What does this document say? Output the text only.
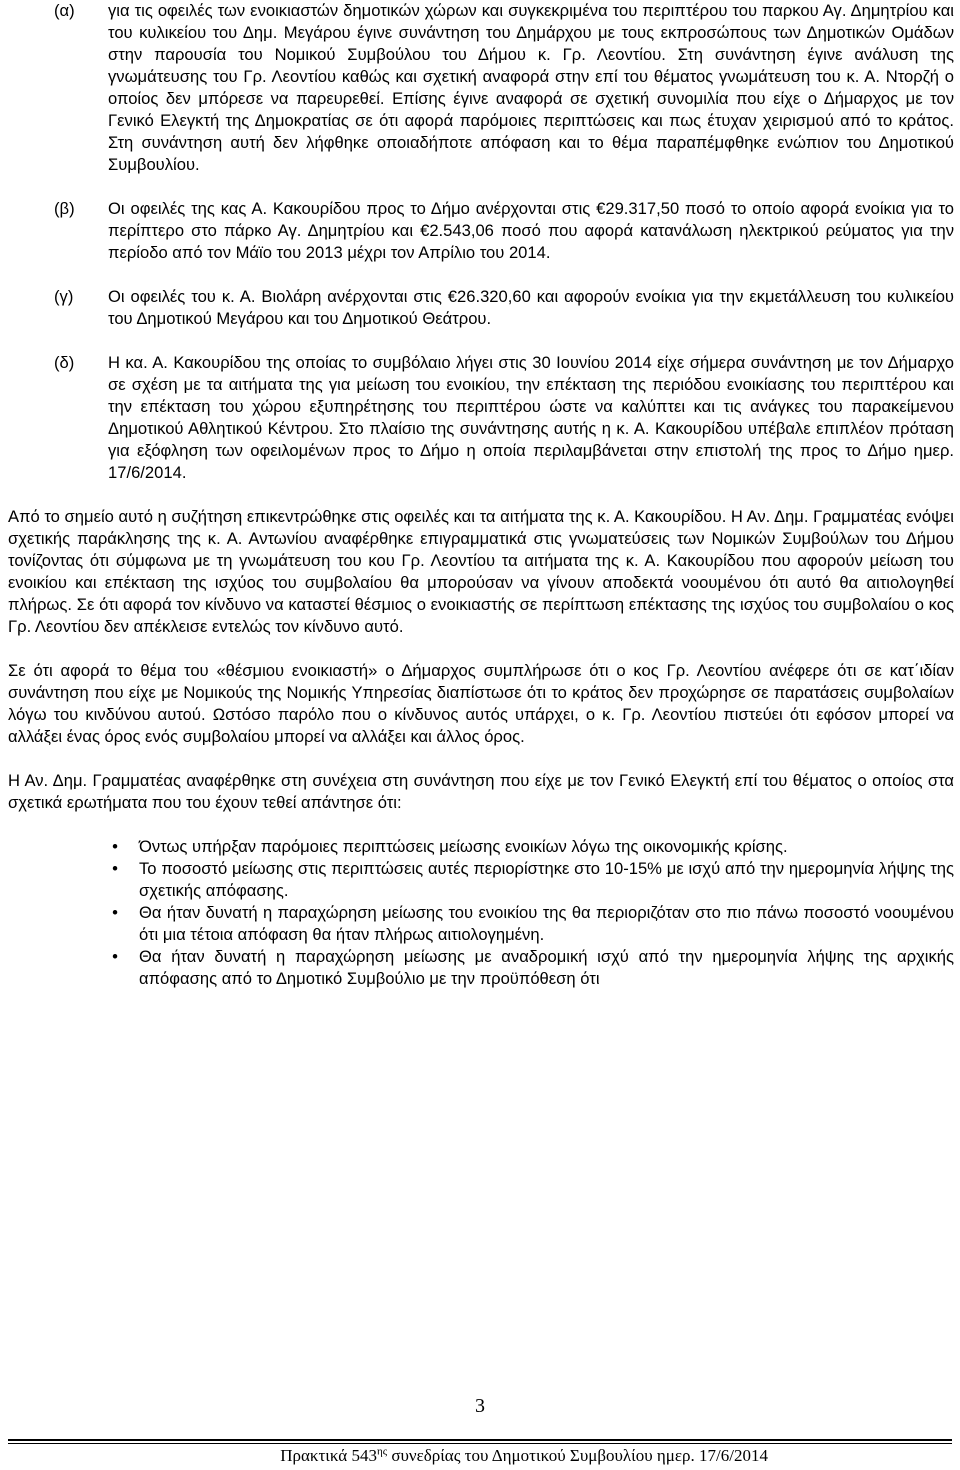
(α)	για τις οφειλές των ενοικιαστών δημοτικών χώρων και συγκεκριμένα του περιπτέρου του παρκου Αγ. Δημητρίου και του κυλικείου του Δημ. Μεγάρου έγινε συνάντηση του Δημάρχου με τους εκπροσώπους των Δημοτικών Ομάδων στην παρουσία του Νομικού Συμβούλου του Δήμου κ. Γρ. Λεοντίου. Στη συνάντηση έγινε ανάλυση της γνωμάτευσης του Γρ. Λεοντίου καθώς και σχετική αναφορά στην επί του θέματος γνωμάτευση του κ. Α. Ντορζή ο οποίος δεν μπόρεσε να παρευρεθεί. Επίσης έγινε αναφορά σε σχετική συνομιλία που είχε ο Δήμαρχος με τον Γενικό Ελεγκτή της Δημοκρατίας σε ότι αφορά παρόμοιες περιπτώσεις και πως έτυχαν χειρισμού από το κράτος. Στη συνάντηση αυτή δεν λήφθηκε οποιαδήποτε απόφαση και το θέμα παραπέμφθηκε ενώπιον του Δημοτικού Συμβουλίου.
(β)	Οι οφειλές της κας Α. Κακουρίδου προς το Δήμο ανέρχονται στις €29.317,50 ποσό το οποίο αφορά ενοίκια για το περίπτερο στο πάρκο Αγ. Δημητρίου και €2.543,06 ποσό που αφορά κατανάλωση ηλεκτρικού ρεύματος για την περίοδο από τον Μάϊο του 2013 μέχρι τον Απρίλιο του 2014.
(γ)	Οι οφειλές του κ. Α. Βιολάρη ανέρχονται στις €26.320,60 και αφορούν ενοίκια για την εκμετάλλευση του κυλικείου του Δημοτικού Μεγάρου και του Δημοτικού Θεάτρου.
(δ)	Η κα. Α. Κακουρίδου της οποίας το συμβόλαιο λήγει στις 30 Ιουνίου 2014 είχε σήμερα συνάντηση με τον Δήμαρχο σε σχέση με τα αιτήματα της για μείωση του ενοικίου, την επέκταση της περιόδου ενοικίασης του περιπτέρου και την επέκταση του χώρου εξυπηρέτησης του περιπτέρου ώστε να καλύπτει και τις ανάγκες του παρακείμενου Δημοτικού Αθλητικού Κέντρου. Στο πλαίσιο της συνάντησης αυτής η κ. Α. Κακουρίδου υπέβαλε επιπλέον πρόταση για εξόφληση των οφειλομένων προς το Δήμο η οποία περιλαμβάνεται στην επιστολή της προς το Δήμο ημερ. 17/6/2014.

Από το σημείο αυτό η συζήτηση επικεντρώθηκε στις οφειλές και τα αιτήματα της κ. Α. Κακουρίδου. Η Αν. Δημ. Γραμματέας ενόψει σχετικής παράκλησης της κ. Α. Αντωνίου αναφέρθηκε επιγραμματικά στις γνωματεύσεις των Νομικών Συμβούλων του Δήμου τονίζοντας ότι σύμφωνα με τη γνωμάτευση του κου Γρ. Λεοντίου τα αιτήματα της κ. Α. Κακουρίδου που αφορούν μείωση του ενοικίου και επέκταση της ισχύος του συμβολαίου θα μπορούσαν να γίνουν αποδεκτά νοουμένου ότι αυτό θα αιτιολογηθεί πλήρως. Σε ότι αφορά τον κίνδυνο να καταστεί θέσμιος ο ενοικιαστής σε περίπτωση επέκτασης της ισχύος του συμβολαίου ο κος Γρ. Λεοντίου δεν απέκλεισε εντελώς τον κίνδυνο αυτό.

Σε ότι αφορά το θέμα του «θέσμιου ενοικιαστή» ο Δήμαρχος συμπλήρωσε ότι ο κος Γρ. Λεοντίου ανέφερε ότι σε κατ΄ιδίαν συνάντηση που είχε με Νομικούς της Νομικής Υπηρεσίας διαπίστωσε ότι το κράτος δεν προχώρησε σε παρατάσεις συμβολαίων λόγω του κινδύνου αυτού. Ωστόσο παρόλο που ο κίνδυνος αυτός υπάρχει, ο κ. Γρ. Λεοντίου πιστεύει ότι εφόσον μπορεί να αλλάξει ένας όρος ενός συμβολαίου μπορεί να αλλάξει και άλλος όρος.

Η Αν. Δημ. Γραμματέας αναφέρθηκε στη συνέχεια στη συνάντηση που είχε με τον Γενικό Ελεγκτή επί του θέματος ο οποίος στα σχετικά ερωτήματα που του έχουν τεθεί απάντησε ότι:

• Όντως υπήρξαν παρόμοιες περιπτώσεις μείωσης ενοικίων λόγω της οικονομικής κρίσης.
• Το ποσοστό μείωσης στις περιπτώσεις αυτές περιορίστηκε στο 10-15% με ισχύ από την ημερομηνία λήψης της σχετικής απόφασης.
• Θα ήταν δυνατή η παραχώρηση μείωσης του ενοικίου της θα περιοριζόταν στο πιο πάνω ποσοστό νοουμένου ότι μια τέτοια απόφαση θα ήταν πλήρως αιτιολογημένη.
• Θα ήταν δυνατή η παραχώρηση μείωσης με αναδρομική ισχύ από την ημερομηνία λήψης της αρχικής απόφασης από το Δημοτικό Συμβούλιο με την προϋπόθεση ότι
3
Πρακτικά $543^{\eta\varsigma}$ συνεδρίας του Δημοτικού Συμβουλίου ημερ. 17/6/2014
